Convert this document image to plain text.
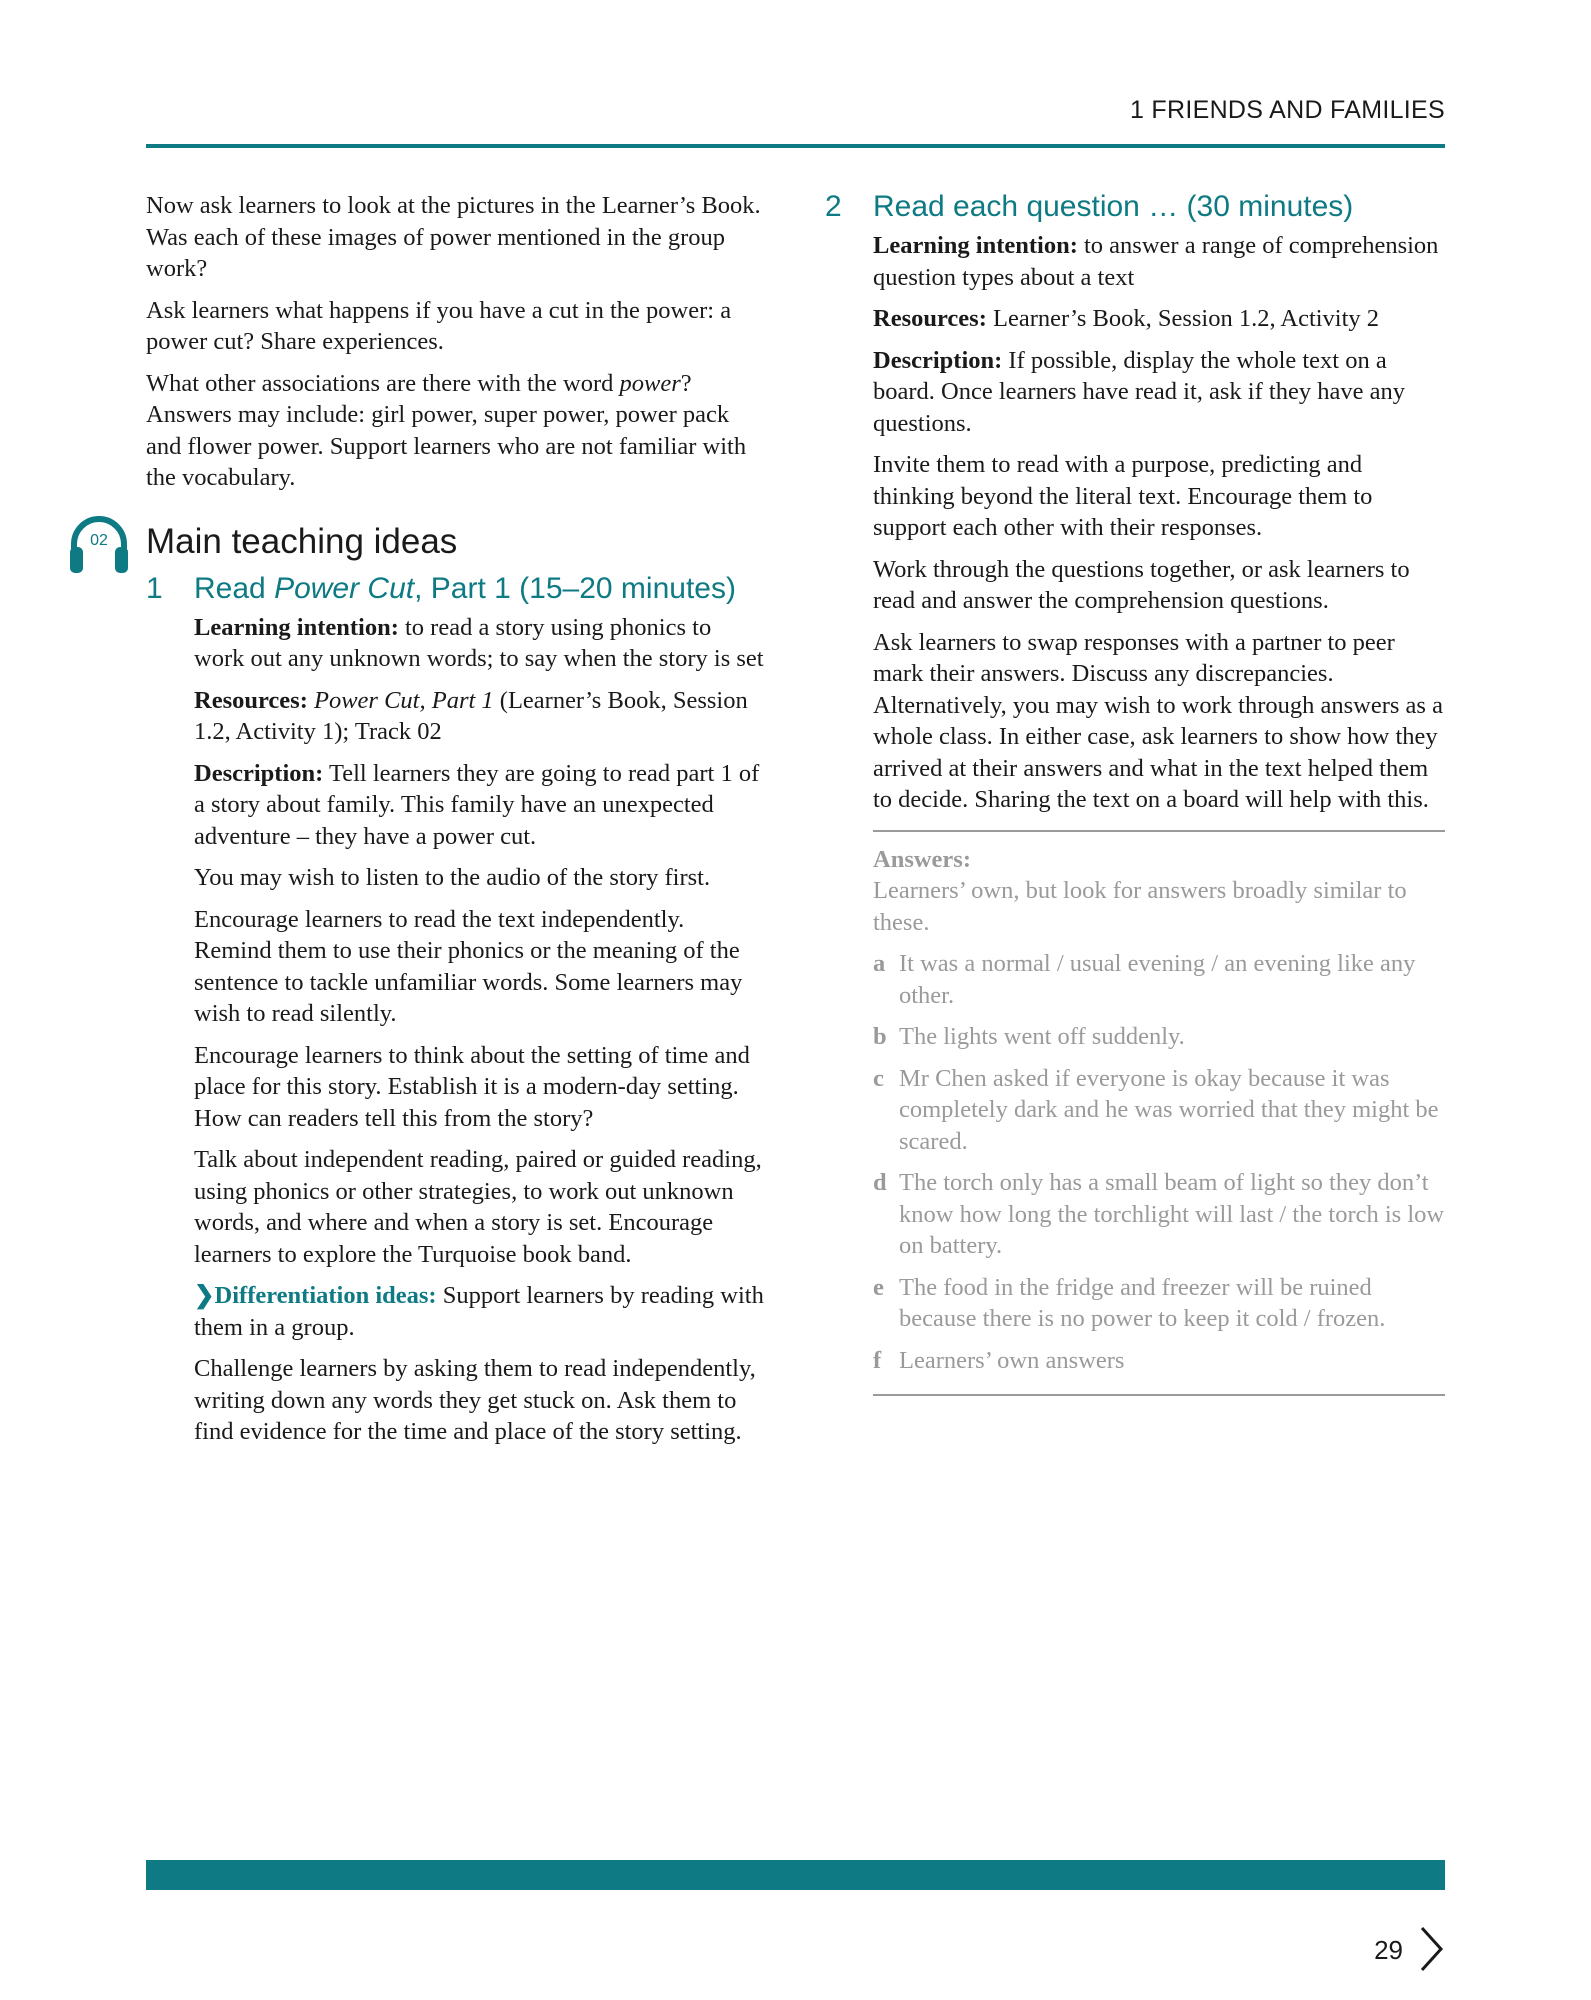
1 FRIENDS AND FAMILIES

Now ask learners to look at the pictures in the Learner’s Book. Was each of these images of power mentioned in the group work?

Ask learners what happens if you have a cut in the power: a power cut? Share experiences.

What other associations are there with the word power? Answers may include: girl power, super power, power pack and flower power. Support learners who are not familiar with the vocabulary.

02 Main teaching ideas
1	Read Power Cut, Part 1 (15–20 minutes)

Learning intention: to read a story using phonics to work out any unknown words; to say when the story is set

Resources: Power Cut, Part 1 (Learner’s Book, Session 1.2, Activity 1); Track 02

Description: Tell learners they are going to read part 1 of a story about family. This family have an unexpected adventure – they have a power cut.

You may wish to listen to the audio of the story first.

Encourage learners to read the text independently. Remind them to use their phonics or the meaning of the sentence to tackle unfamiliar words. Some learners may wish to read silently.

Encourage learners to think about the setting of time and place for this story. Establish it is a modern-day setting. How can readers tell this from the story?

Talk about independent reading, paired or guided reading, using phonics or other strategies, to work out unknown words, and where and when a story is set. Encourage learners to explore the Turquoise book band.

❯Differentiation ideas: Support learners by reading with them in a group.

Challenge learners by asking them to read independently, writing down any words they get stuck on. Ask them to find evidence for the time and place of the story setting.

2	Read each question … (30 minutes)

Learning intention: to answer a range of comprehension question types about a text

Resources: Learner’s Book, Session 1.2, Activity 2

Description: If possible, display the whole text on a board. Once learners have read it, ask if they have any questions.

Invite them to read with a purpose, predicting and thinking beyond the literal text. Encourage them to support each other with their responses.

Work through the questions together, or ask learners to read and answer the comprehension questions.

Ask learners to swap responses with a partner to peer mark their answers. Discuss any discrepancies. Alternatively, you may wish to work through answers as a whole class. In either case, ask learners to show how they arrived at their answers and what in the text helped them to decide. Sharing the text on a board will help with this.

Answers:

Learners’ own, but look for answers broadly similar to these.

a It was a normal / usual evening / an evening like any other.
b The lights went off suddenly.
c Mr Chen asked if everyone is okay because it was completely dark and he was worried that they might be scared.
d The torch only has a small beam of light so they don’t know how long the torchlight will last / the torch is low on battery.
e The food in the fridge and freezer will be ruined because there is no power to keep it cold / frozen.
f Learners’ own answers
29
